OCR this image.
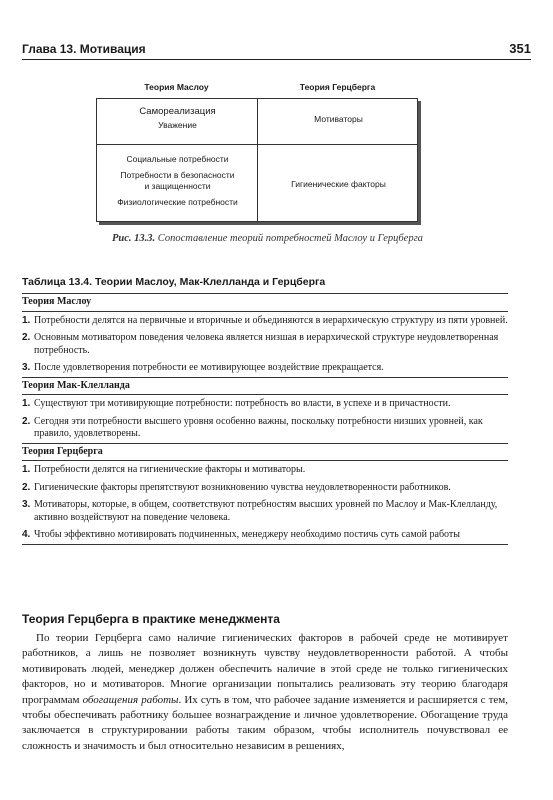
Глава 13. Мотивация	351
Теория Маслоу	Теория Герцберга
Самореализация
Уважение
Мотиваторы
Социальные потребности
Потребности в безопасности
и защищенности
Физиологические потребности
Гигиенические факторы
Рис. 13.3. Сопоставление теорий потребностей Маслоу и Герцберга
Таблица 13.4. Теории Маслоу, Мак-Клелланда и Герцберга
Теория Маслоу
1. Потребности делятся на первичные и вторичные и объединяются в иерархическую структуру из пяти уровней.
2. Основным мотиватором поведения человека является низшая в иерархической структуре неудовлетворенная потребность.
3. После удовлетворения потребности ее мотивирующее воздействие прекращается.
Теория Мак-Клелланда
1. Существуют три мотивирующие потребности: потребность во власти, в успехе и в причастности.
2. Сегодня эти потребности высшего уровня особенно важны, поскольку потребности низших уровней, как правило, удовлетворены.
Теория Герцберга
1. Потребности делятся на гигиенические факторы и мотиваторы.
2. Гигиенические факторы препятствуют возникновению чувства неудовлетворенности работников.
3. Мотиваторы, которые, в общем, соответствуют потребностям высших уровней по Маслоу и Мак-Клелланду, активно воздействуют на поведение человека.
4. Чтобы эффективно мотивировать подчиненных, менеджеру необходимо постичь суть самой работы
Теория Герцберга в практике менеджмента

По теории Герцберга само наличие гигиенических факторов в рабочей среде не мотивирует работников, а лишь не позволяет возникнуть чувству неудовлетворенности работой. А чтобы мотивировать людей, менеджер должен обеспечить наличие в этой среде не только гигиенических факторов, но и мотиваторов. Многие организации попытались реализовать эту теорию благодаря программам обогащения работы. Их суть в том, что рабочее задание изменяется и расширяется с тем, чтобы обеспечивать работнику большее вознаграждение и личное удовлетворение. Обогащение труда заключается в структурировании работы таким образом, чтобы исполнитель почувствовал ее сложность и значимость и был относительно независим в решениях,
